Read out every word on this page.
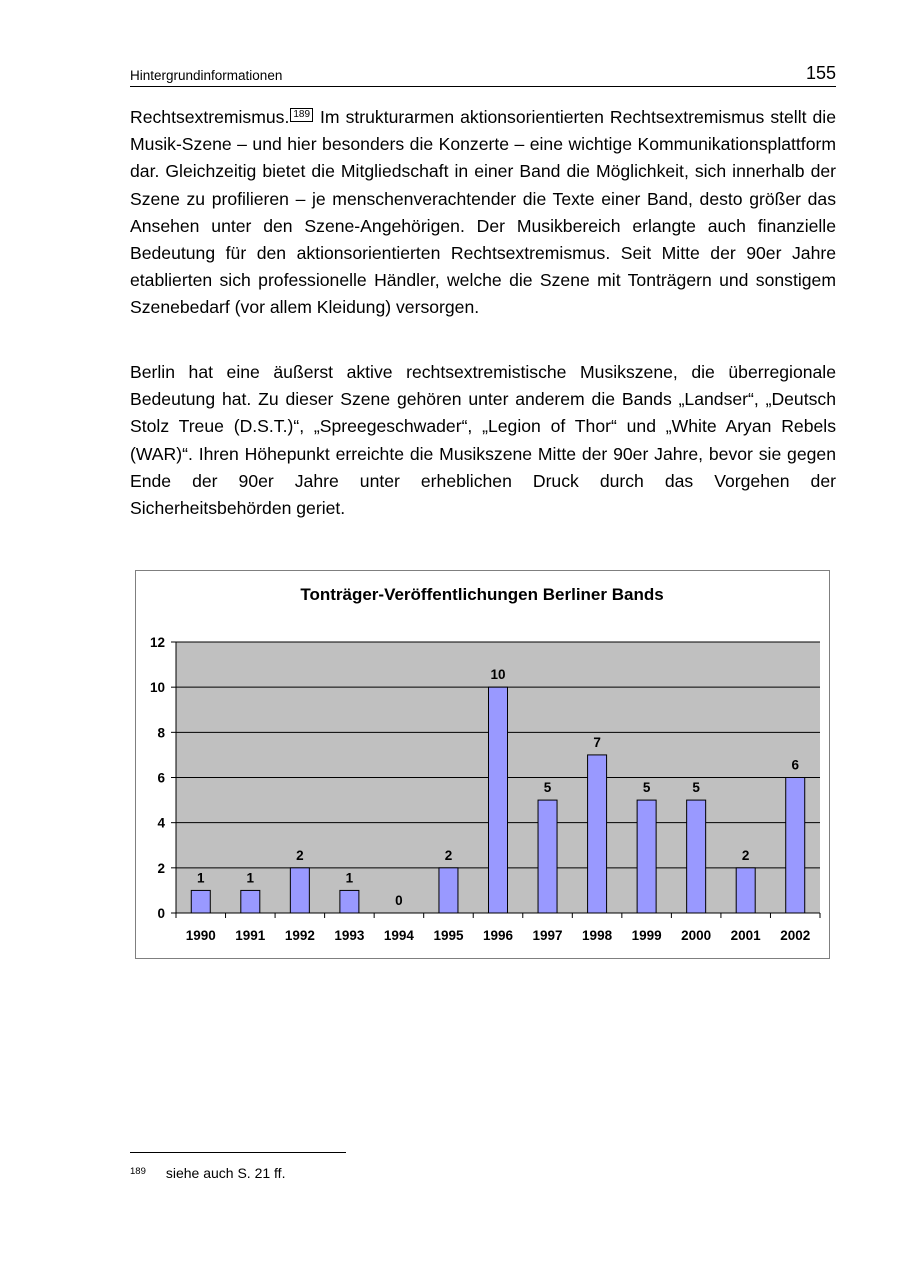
Hintergrundinformationen	155

Rechtsextremismus. 189 Im strukturarmen aktionsorientierten Rechtsextremismus stellt die Musik-Szene – und hier besonders die Konzerte – eine wichtige Kommunikationsplattform dar. Gleichzeitig bietet die Mitgliedschaft in einer Band die Möglichkeit, sich innerhalb der Szene zu profilieren – je menschenverachtender die Texte einer Band, desto größer das Ansehen unter den Szene-Angehörigen. Der Musikbereich erlangte auch finanzielle Bedeutung für den aktionsorientierten Rechtsextremismus. Seit Mitte der 90er Jahre etablierten sich professionelle Händler, welche die Szene mit Tonträgern und sonstigem Szenebedarf (vor allem Kleidung) versorgen.

Berlin hat eine äußerst aktive rechtsextremistische Musikszene, die überregionale Bedeutung hat. Zu dieser Szene gehören unter anderem die Bands „Landser“, „Deutsch Stolz Treue (D.S.T.)“, „Spreegeschwader“, „Legion of Thor“ und „White Aryan Rebels (WAR)“. Ihren Höhepunkt erreichte die Musikszene Mitte der 90er Jahre, bevor sie gegen Ende der 90er Jahre unter erheblichen Druck durch das Vorgehen der Sicherheitsbehörden geriet.

Tonträger-Veröffentlichungen Berliner Bands
0
2
4
6
8
10
12
1
1990
1
1991
2
1992
1
1993
0
1994
2
1995
10
1996
5
1997
7
1998
5
1999
5
2000
2
2001
6
2002
$^{189}$ siehe auch S. 21 ff.
